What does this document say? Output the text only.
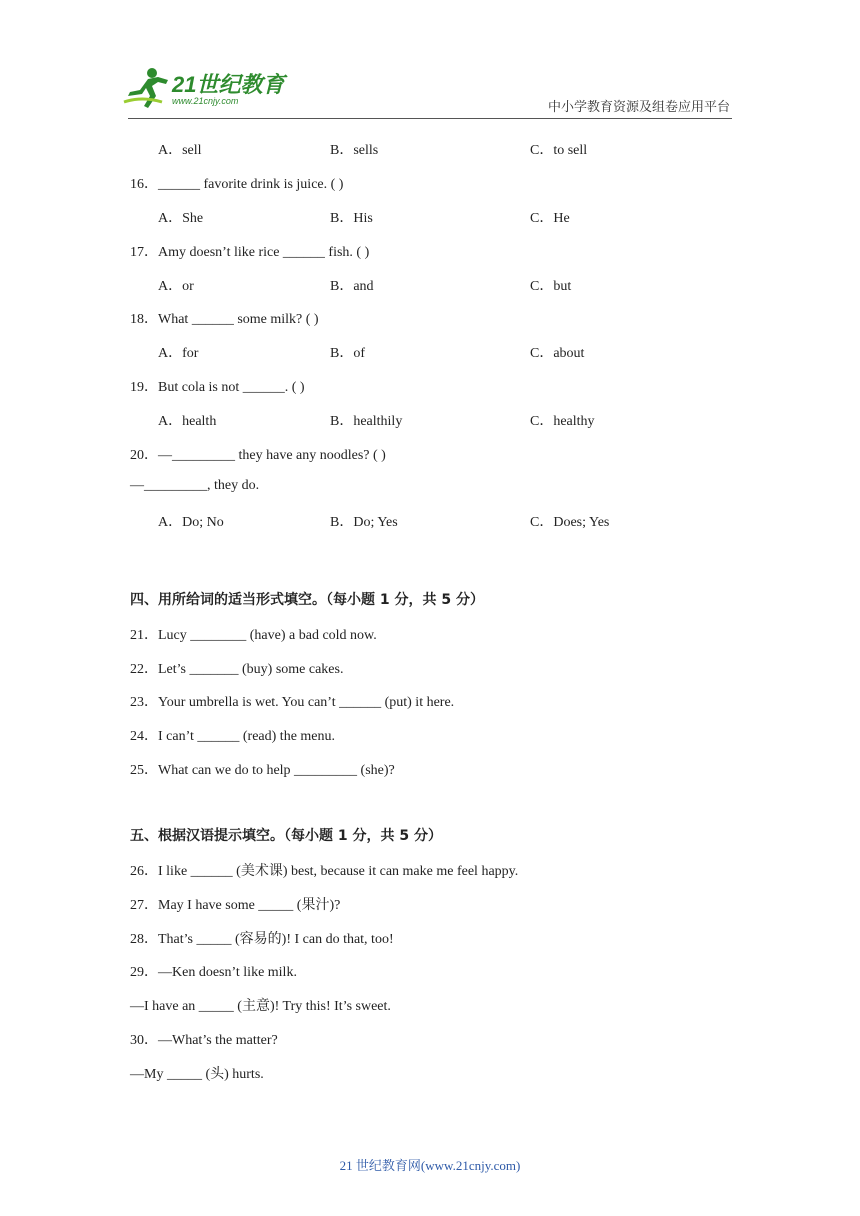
21世纪教育
www.21cnjy.com	中小学教育资源及组卷应用平台
A．sell	B．sells	C．to sell
16．______ favorite drink is juice. ( )
A．She	B．His	C．He
17．Amy doesn’t like rice ______ fish. ( )
A．or	B．and	C．but
18．What ______ some milk? ( )
A．for	B．of	C．about
19．But cola is not ______. ( )
A．health	B．healthily	C．healthy
20．—_________ they have any noodles? ( )
—_________, they do.
A．Do; No	B．Do; Yes	C．Does; Yes
四、用所给词的适当形式填空。（每小题 1 分，共 5 分）
21．Lucy ________ (have) a bad cold now.
22．Let’s _______ (buy) some cakes.
23．Your umbrella is wet. You can’t ______ (put) it here.
24．I can’t ______ (read) the menu.
25．What can we do to help _________ (she)?
五、根据汉语提示填空。（每小题 1 分，共 5 分）
26．I like ______ (美术课) best, because it can make me feel happy.
27．May I have some _____ (果汁)?
28．That’s _____ (容易的)! I can do that, too!
29．—Ken doesn’t like milk.
—I have an _____ (主意)! Try this! It’s sweet.
30．—What’s the matter?
—My _____ (头) hurts.
21 世纪教育网(www.21cnjy.com)
